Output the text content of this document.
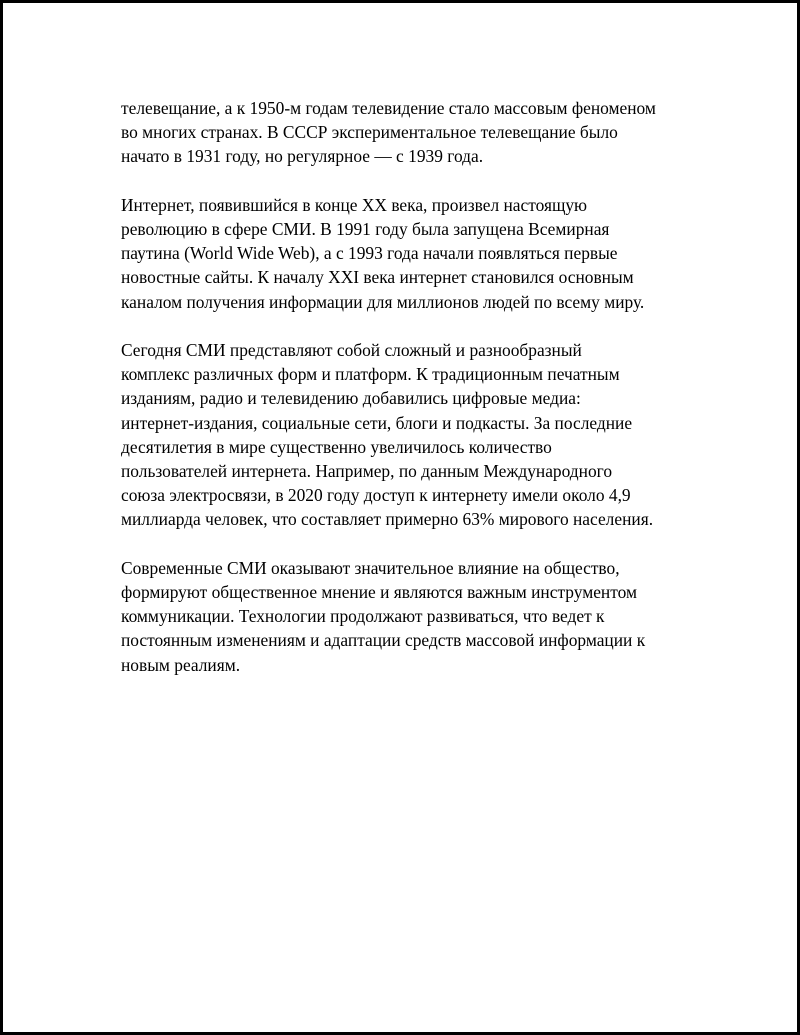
телевещание, а к 1950-м годам телевидение стало массовым феноменом
во многих странах. В СССР экспериментальное телевещание было
начато в 1931 году, но регулярное — с 1939 года.

Интернет, появившийся в конце XX века, произвел настоящую
революцию в сфере СМИ. В 1991 году была запущена Всемирная
паутина (World Wide Web), а с 1993 года начали появляться первые
новостные сайты. К началу XXI века интернет становился основным
каналом получения информации для миллионов людей по всему миру.

Сегодня СМИ представляют собой сложный и разнообразный
комплекс различных форм и платформ. К традиционным печатным
изданиям, радио и телевидению добавились цифровые медиа:
интернет-издания, социальные сети, блоги и подкасты. За последние
десятилетия в мире существенно увеличилось количество
пользователей интернета. Например, по данным Международного
союза электросвязи, в 2020 году доступ к интернету имели около 4,9
миллиарда человек, что составляет примерно 63% мирового населения.

Современные СМИ оказывают значительное влияние на общество,
формируют общественное мнение и являются важным инструментом
коммуникации. Технологии продолжают развиваться, что ведет к
постоянным изменениям и адаптации средств массовой информации к
новым реалиям.
